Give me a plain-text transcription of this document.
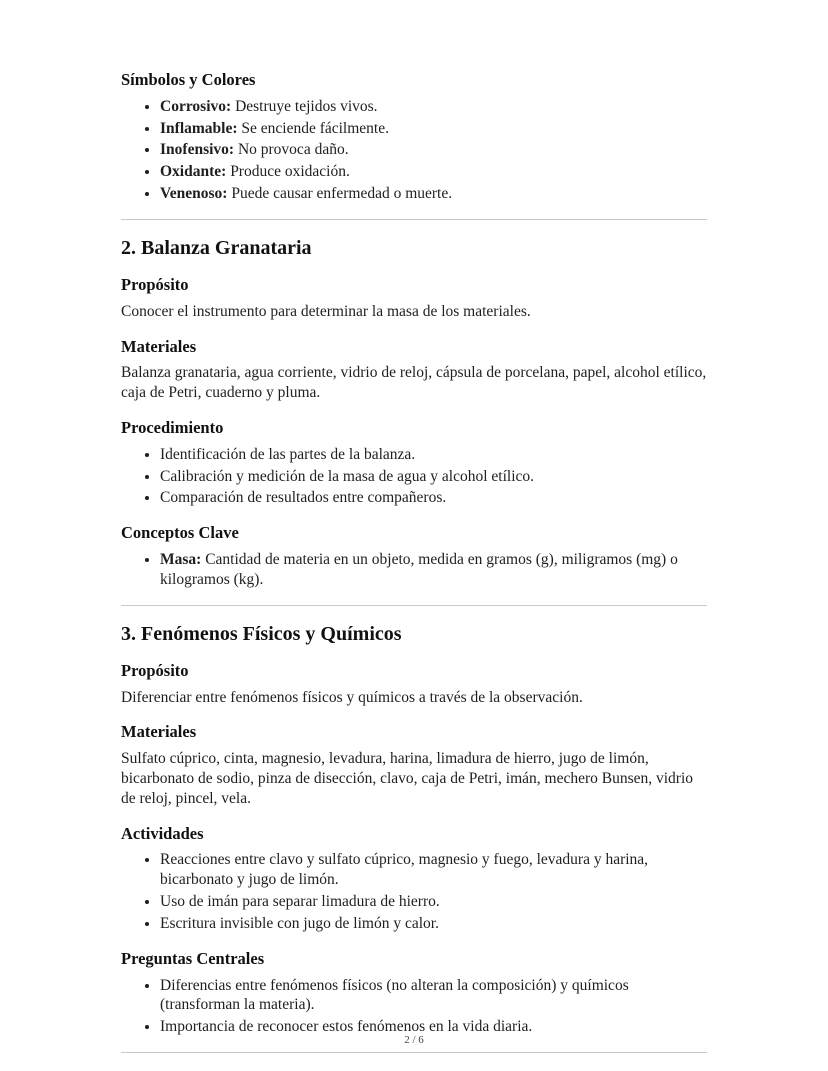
Símbolos y Colores
• Corrosivo: Destruye tejidos vivos.
• Inflamable: Se enciende fácilmente.
• Inofensivo: No provoca daño.
• Oxidante: Produce oxidación.
• Venenoso: Puede causar enfermedad o muerte.
2. Balanza Granataria
Propósito

Conocer el instrumento para determinar la masa de los materiales.

Materiales

Balanza granataria, agua corriente, vidrio de reloj, cápsula de porcelana, papel, alcohol etílico, caja de Petri, cuaderno y pluma.

Procedimiento
• Identificación de las partes de la balanza.
• Calibración y medición de la masa de agua y alcohol etílico.
• Comparación de resultados entre compañeros.
Conceptos Clave
• Masa: Cantidad de materia en un objeto, medida en gramos (g), miligramos (mg) o kilogramos (kg).
3. Fenómenos Físicos y Químicos
Propósito

Diferenciar entre fenómenos físicos y químicos a través de la observación.

Materiales

Sulfato cúprico, cinta, magnesio, levadura, harina, limadura de hierro, jugo de limón, bicarbonato de sodio, pinza de disección, clavo, caja de Petri, imán, mechero Bunsen, vidrio de reloj, pincel, vela.

Actividades
• Reacciones entre clavo y sulfato cúprico, magnesio y fuego, levadura y harina, bicarbonato y jugo de limón.
• Uso de imán para separar limadura de hierro.
• Escritura invisible con jugo de limón y calor.
Preguntas Centrales
• Diferencias entre fenómenos físicos (no alteran la composición) y químicos (transforman la materia).
• Importancia de reconocer estos fenómenos en la vida diaria.
2 / 6
